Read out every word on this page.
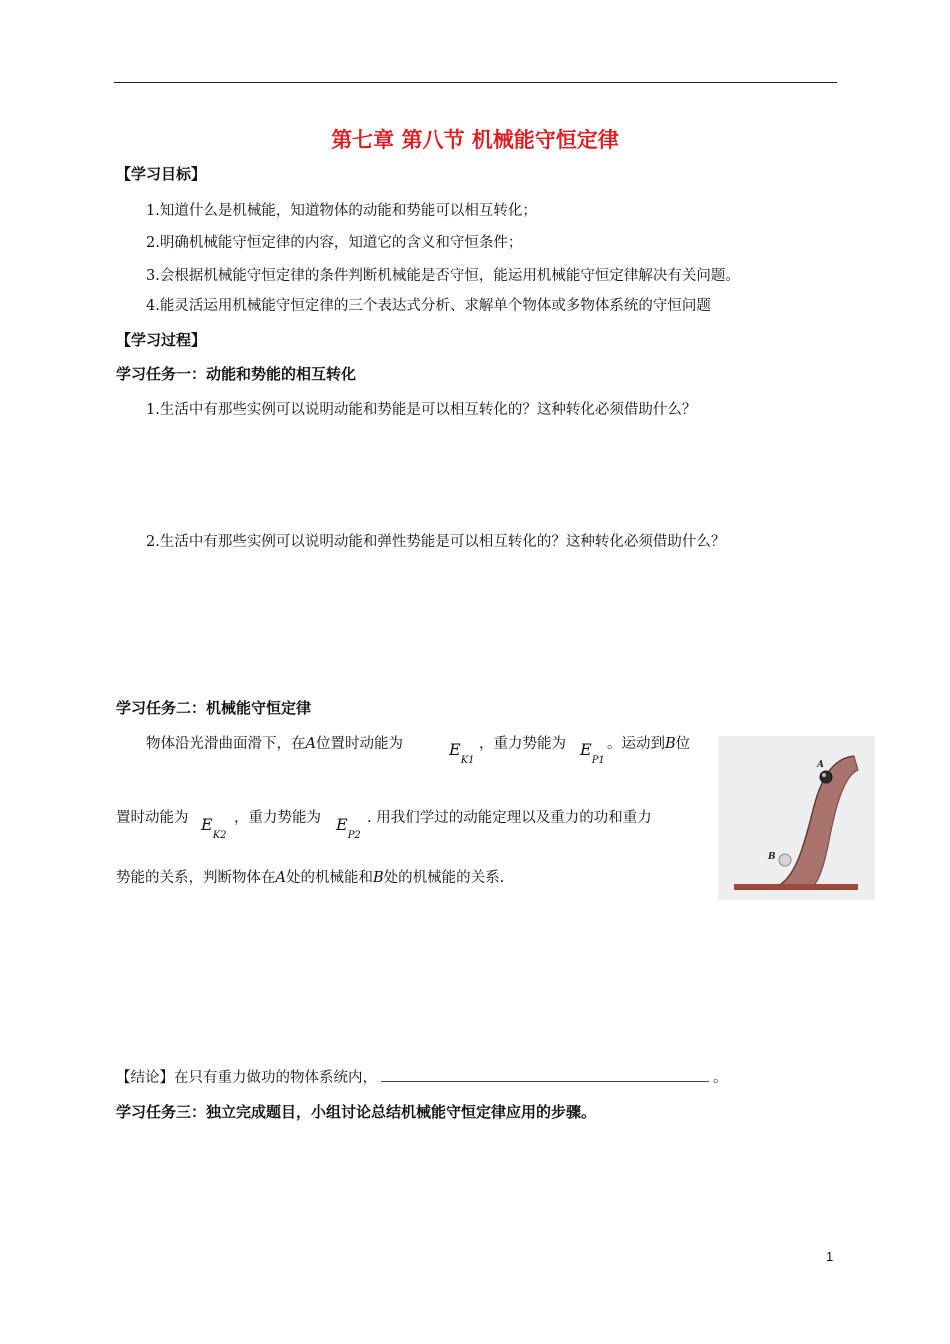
第七章 第八节 机械能守恒定律
【学习目标】
1.知道什么是机械能，知道物体的动能和势能可以相互转化；
2.明确机械能守恒定律的内容，知道它的含义和守恒条件；
3.会根据机械能守恒定律的条件判断机械能是否守恒，能运用机械能守恒定律解决有关问题。
4.能灵活运用机械能守恒定律的三个表达式分析、求解单个物体或多物体系统的守恒问题
【学习过程】
学习任务一：动能和势能的相互转化
1.生活中有那些实例可以说明动能和势能是可以相互转化的？这种转化必须借助什么？
2.生活中有那些实例可以说明动能和弹性势能是可以相互转化的？这种转化必须借助什么？
学习任务二：机械能守恒定律
物体沿光滑曲面滑下，在A位置时动能为	$E_{K1}$
，重力势能为 $E_{P1}$
。运动到B位
置时动能为 $E_{K2}$
，重力势能为 $E_{P2}$
. 用我们学过的动能定理以及重力的功和重力
势能的关系，判断物体在A处的机械能和B处的机械能的关系.
A
B
【结论】在只有重力做功的物体系统内，	。
学习任务三：独立完成题目，小组讨论总结机械能守恒定律应用的步骤。
1
